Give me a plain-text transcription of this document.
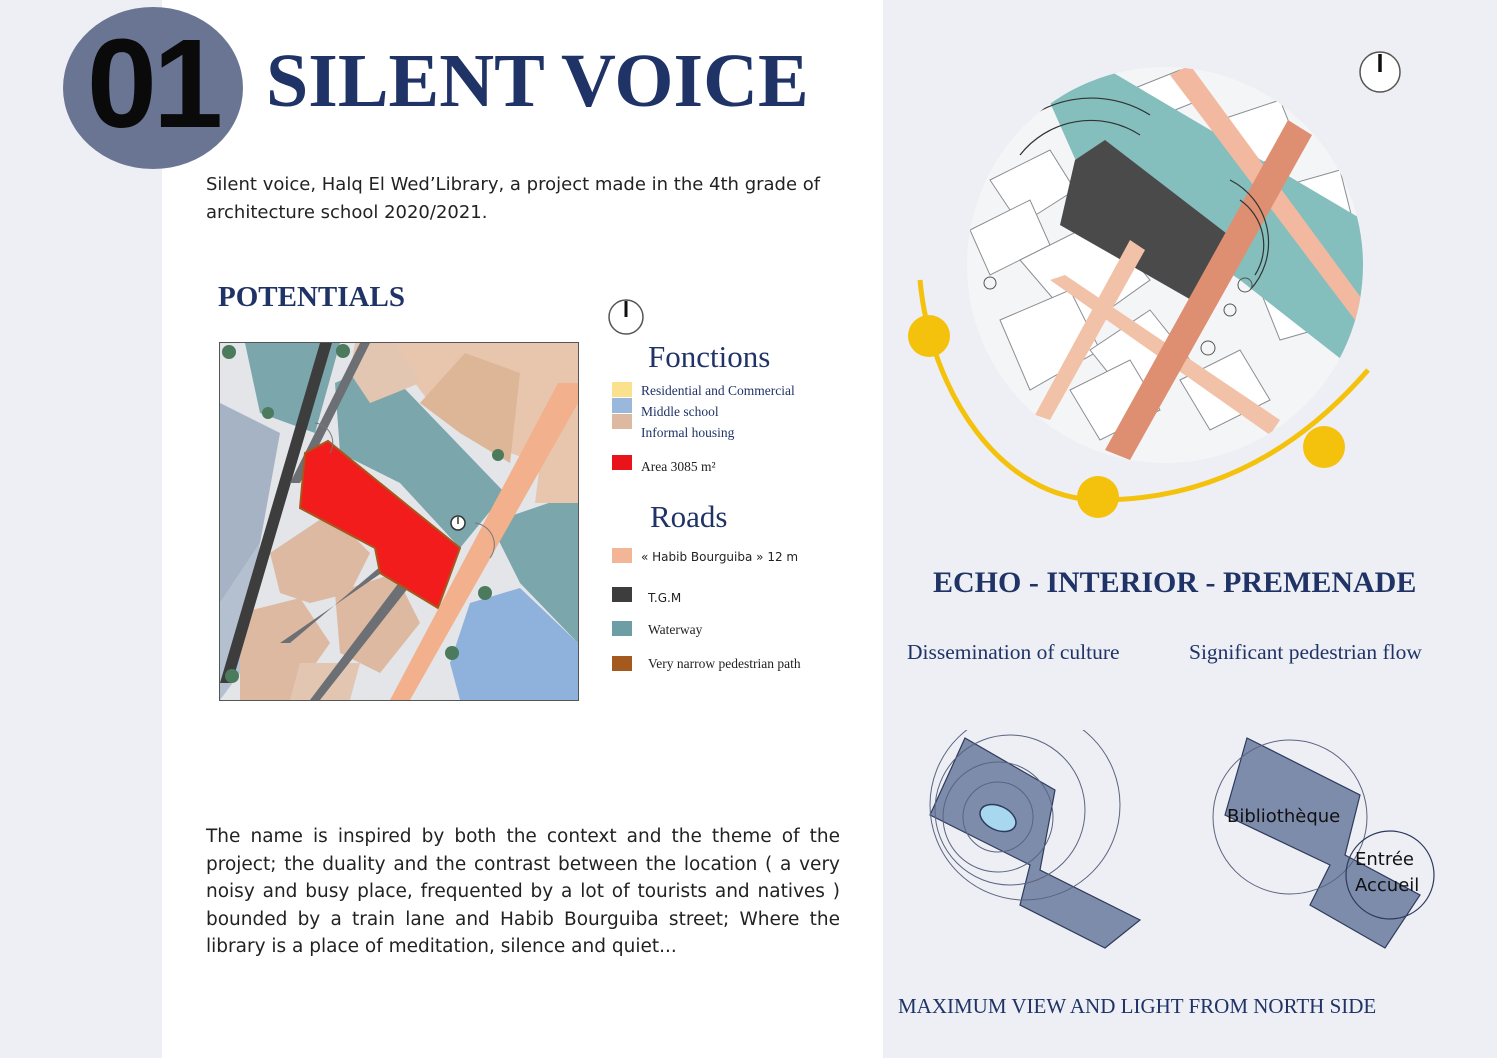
01 SILENT VOICE
Silent voice, Halq El Wed’Library, a project made in the 4th grade of architecture school 2020/2021.
POTENTIALS
Fonctions
Residential and Commercial
Middle school
Informal housing
Area 3085 m²
Roads
« Habib Bourguiba » 12 m
T.G.M
Waterway
Very narrow pedestrian path
The name is inspired by both the context and the theme of the project; the duality and the contrast between the location ( a very noisy and busy place, frequented by a lot of tourists and natives ) bounded by a train lane and Habib Bourguiba street; Where the library is a place of meditation, silence and quiet...
ECHO - INTERIOR - PREMENADE
Dissemination of culture	Significant pedestrian flow
Bibliothèque
Entrée
Accueil
MAXIMUM VIEW AND LIGHT FROM NORTH SIDE
